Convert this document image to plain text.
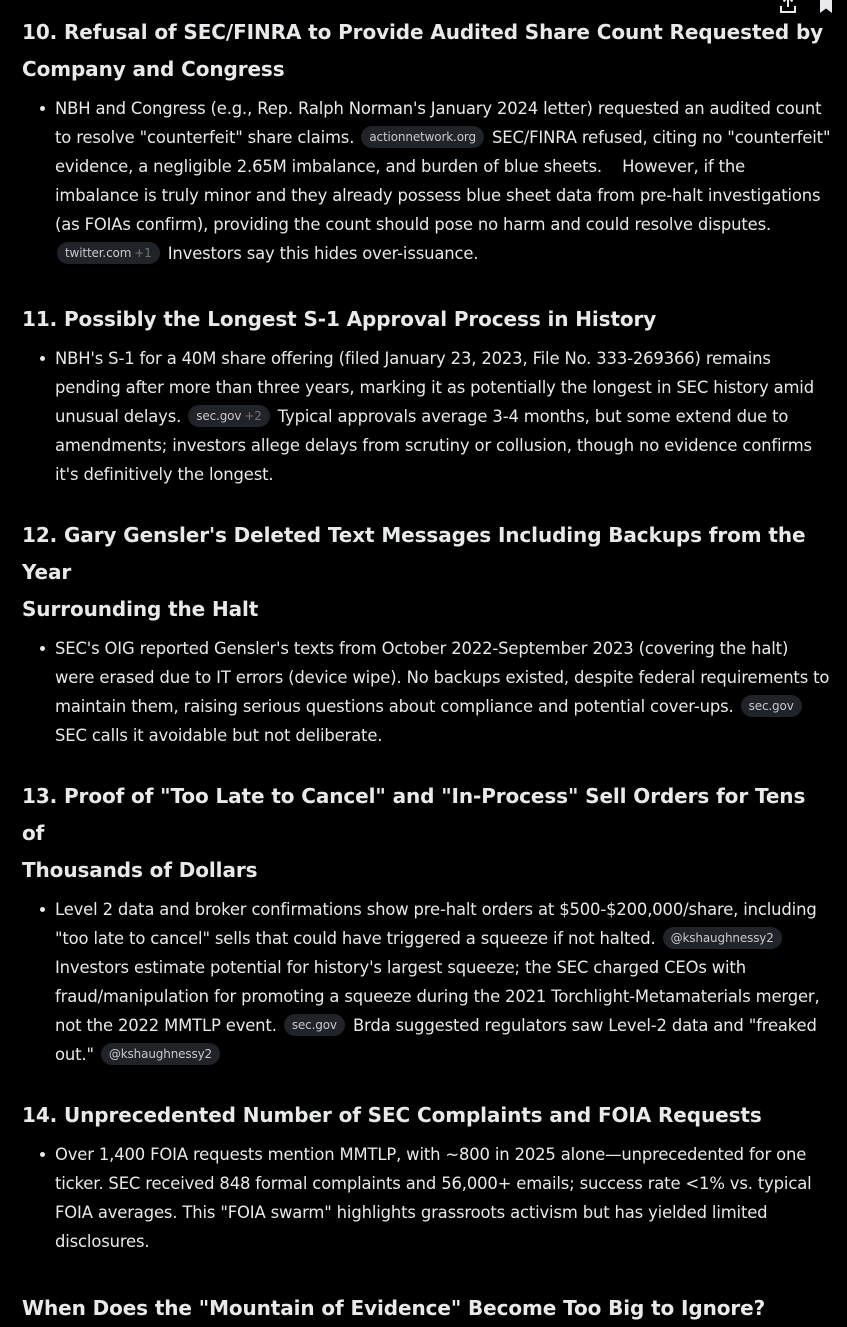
10. Refusal of SEC/FINRA to Provide Audited Share Count Requested by
Company and Congress
NBH and Congress (e.g., Rep. Ralph Norman's January 2024 letter) requested an audited count to resolve "counterfeit" share claims. actionnetwork.org SEC/FINRA refused, citing no "counterfeit" evidence, a negligible 2.65M imbalance, and burden of blue sheets.    However, if the imbalance is truly minor and they already possess blue sheet data from pre-halt investigations (as FOIAs confirm), providing the count should pose no harm and could resolve disputes. twitter.com +1 Investors say this hides over-issuance.
11. Possibly the Longest S-1 Approval Process in History
NBH's S-1 for a 40M share offering (filed January 23, 2023, File No. 333-269366) remains pending after more than three years, marking it as potentially the longest in SEC history amid unusual delays. sec.gov +2 Typical approvals average 3-4 months, but some extend due to amendments; investors allege delays from scrutiny or collusion, though no evidence confirms it's definitively the longest.
12. Gary Gensler's Deleted Text Messages Including Backups from the Year
Surrounding the Halt
SEC's OIG reported Gensler's texts from October 2022-September 2023 (covering the halt) were erased due to IT errors (device wipe). No backups existed, despite federal requirements to maintain them, raising serious questions about compliance and potential cover-ups. sec.gov SEC calls it avoidable but not deliberate.
13. Proof of "Too Late to Cancel" and "In-Process" Sell Orders for Tens of
Thousands of Dollars
Level 2 data and broker confirmations show pre-halt orders at $500-$200,000/share, including "too late to cancel" sells that could have triggered a squeeze if not halted. @kshaughnessy2 Investors estimate potential for history's largest squeeze; the SEC charged CEOs with fraud/manipulation for promoting a squeeze during the 2021 Torchlight-Metamaterials merger, not the 2022 MMTLP event. sec.gov Brda suggested regulators saw Level-2 data and "freaked out." @kshaughnessy2
14. Unprecedented Number of SEC Complaints and FOIA Requests
Over 1,400 FOIA requests mention MMTLP, with ~800 in 2025 alone—unprecedented for one ticker. SEC received 848 formal complaints and 56,000+ emails; success rate <1% vs. typical FOIA averages. This "FOIA swarm" highlights grassroots activism but has yielded limited disclosures.
When Does the "Mountain of Evidence" Become Too Big to Ignore?
